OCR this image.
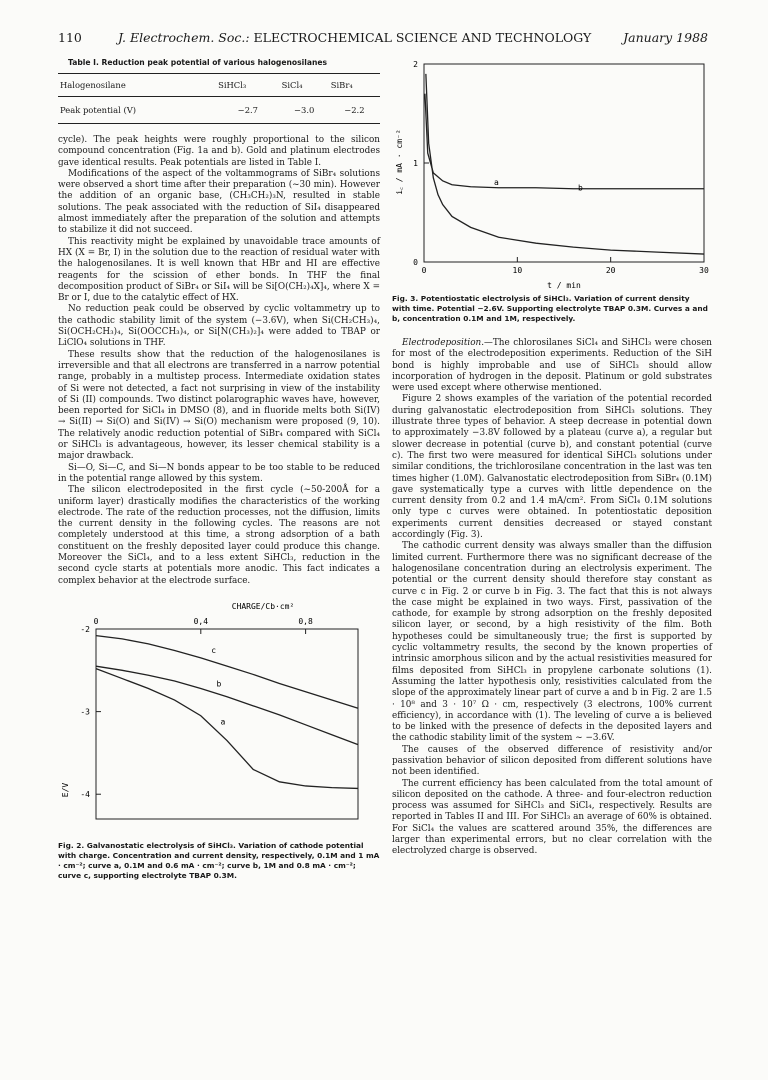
110	J. Electrochem. Soc.: ELECTROCHEMICAL SCIENCE AND TECHNOLOGY	January 1988
Table I. Reduction peak potential of various halogenosilanes
Halogenosilane	SiHCl₃	SiCl₄	SiBr₄
Peak potential (V)	−2.7	−3.0	−2.2

cycle). The peak heights were roughly proportional to the silicon compound concentration (Fig. 1a and b). Gold and platinum electrodes gave identical results. Peak potentials are listed in Table I.

Modifications of the aspect of the voltammograms of SiBr₄ solutions were observed a short time after their preparation (~30 min). However the addition of an organic base, (CH₃CH₂)₃N, resulted in stable solutions. The peak associated with the reduction of SiI₄ disappeared almost immediately after the preparation of the solution and attempts to stabilize it did not succeed.

This reactivity might be explained by unavoidable trace amounts of HX (X = Br, I) in the solution due to the reaction of residual water with the halogenosilanes. It is well known that HBr and HI are effective reagents for the scission of ether bonds. In THF the final decomposition product of SiBr₄ or SiI₄ will be Si[O(CH₂)₄X]₄, where X = Br or I, due to the catalytic effect of HX.

No reduction peak could be observed by cyclic voltammetry up to the cathodic stability limit of the system (−3.6V), when Si(CH₂CH₃)₄, Si(OCH₂CH₃)₄, Si(OOCCH₃)₄, or Si[N(CH₃)₂]₄ were added to TBAP or LiClO₄ solutions in THF.

These results show that the reduction of the halogenosilanes is irreversible and that all electrons are transferred in a narrow potential range, probably in a multistep process. Intermediate oxidation states of Si were not detected, a fact not surprising in view of the instability of Si (II) compounds. Two distinct polarographic waves have, however, been reported for SiCl₄ in DMSO (8), and in fluoride melts both Si(IV) → Si(II) → Si(O) and Si(IV) → Si(O) mechanism were proposed (9, 10). The relatively anodic reduction potential of SiBr₄ compared with SiCl₄ or SiHCl₃ is advantageous, however, its lesser chemical stability is a major drawback.

Si—O, Si—C, and Si—N bonds appear to be too stable to be reduced in the potential range allowed by this system.

The silicon electrodeposited in the first cycle (~50-200Å for a uniform layer) drastically modifies the characteristics of the working electrode. The rate of the reduction processes, not the diffusion, limits the current density in the following cycles. The reasons are not completely understood at this time, a strong adsorption of a bath constituent on the freshly deposited layer could produce this change. Moreover the SiCl₄, and to a less extent SiHCl₃, reduction in the second cycle starts at potentials more anodic. This fact indicates a complex behavior at the electrode surface.

CHARGE/Cb·cm²
0	0,4	0,8
-2
-3
-4
c
b
a
E/V
Fig. 2. Galvanostatic electrolysis of SiHCl₃. Variation of cathode potential with charge. Concentration and current density, respectively, 0.1M and 1 mA · cm⁻²; curve a, 0.1M and 0.6 mA · cm⁻²; curve b, 1M and 0.8 mA · cm⁻²; curve c, supporting electrolyte TBAP 0.3M.
0	10	20	30
2
1
0
a
b
i꜀ / mA · cm⁻²
t / min
Fig. 3. Potentiostatic electrolysis of SiHCl₃. Variation of current density with time. Potential −2.6V. Supporting electrolyte TBAP 0.3M. Curves a and b, concentration 0.1M and 1M, respectively.

Electrodeposition.—The chlorosilanes SiCl₄ and SiHCl₃ were chosen for most of the electrodeposition experiments. Reduction of the SiH bond is highly improbable and use of SiHCl₃ should allow incorporation of hydrogen in the deposit. Platinum or gold substrates were used except where otherwise mentioned.

Figure 2 shows examples of the variation of the potential recorded during galvanostatic electrodeposition from SiHCl₃ solutions. They illustrate three types of behavior. A steep decrease in potential down to approximately −3.8V followed by a plateau (curve a), a regular but slower decrease in potential (curve b), and constant potential (curve c). The first two were measured for identical SiHCl₃ solutions under similar conditions, the trichlorosilane concentration in the last was ten times higher (1.0M). Galvanostatic electrodeposition from SiBr₄ (0.1M) gave systematically type a curves with little dependence on the current density from 0.2 and 1.4 mA/cm². From SiCl₄ 0.1M solutions only type c curves were obtained. In potentiostatic deposition experiments current densities decreased or stayed constant accordingly (Fig. 3).

The cathodic current density was always smaller than the diffusion limited current. Furthermore there was no significant decrease of the halogenosilane concentration during an electrolysis experiment. The potential or the current density should therefore stay constant as curve c in Fig. 2 or curve b in Fig. 3. The fact that this is not always the case might be explained in two ways. First, passivation of the cathode, for example by strong adsorption on the freshly deposited silicon layer, or second, by a high resistivity of the film. Both hypotheses could be simultaneously true; the first is supported by cyclic voltammetry results, the second by the known properties of intrinsic amorphous silicon and by the actual resistivities measured for films deposited from SiHCl₃ in propylene carbonate solutions (1). Assuming the latter hypothesis only, resistivities calculated from the slope of the approximately linear part of curve a and b in Fig. 2 are 1.5 · 10⁸ and 3 · 10⁷ Ω · cm, respectively (3 electrons, 100% current efficiency), in accordance with (1). The leveling of curve a is believed to be linked with the presence of defects in the deposited layers and the cathodic stability limit of the system ~ −3.6V.

The causes of the observed difference of resistivity and/or passivation behavior of silicon deposited from different solutions have not been identified.

The current efficiency has been calculated from the total amount of silicon deposited on the cathode. A three- and four-electron reduction process was assumed for SiHCl₃ and SiCl₄, respectively. Results are reported in Tables II and III. For SiHCl₃ an average of 60% is obtained. For SiCl₄ the values are scattered around 35%, the differences are larger than experimental errors, but no clear correlation with the electrolyzed charge is observed.
